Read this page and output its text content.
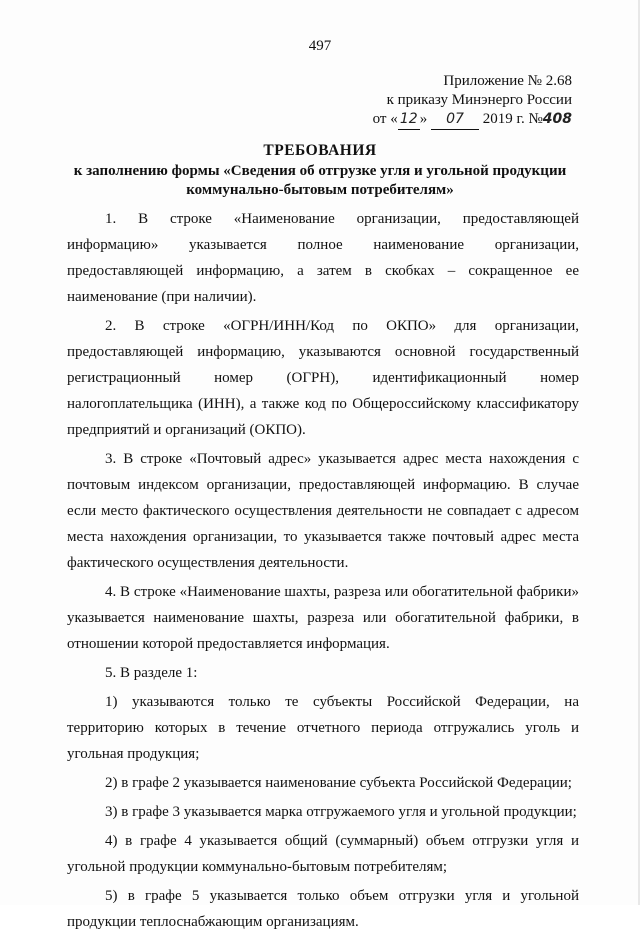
497
Приложение № 2.68
к приказу Минэнерго России
от « 12 » 07 2019 г. №408
ТРЕБОВАНИЯ
к заполнению формы «Сведения об отгрузке угля и угольной продукции коммунально-бытовым потребителям»

1. В строке «Наименование организации, предоставляющей информацию» указывается полное наименование организации, предоставляющей информацию, а затем в скобках – сокращенное ее наименование (при наличии).

2. В строке «ОГРН/ИНН/Код по ОКПО» для организации, предоставляющей информацию, указываются основной государственный регистрационный номер (ОГРН), идентификационный номер налогоплательщика (ИНН), а также код по Общероссийскому классификатору предприятий и организаций (ОКПО).

3. В строке «Почтовый адрес» указывается адрес места нахождения с почтовым индексом организации, предоставляющей информацию. В случае если место фактического осуществления деятельности не совпадает с адресом места нахождения организации, то указывается также почтовый адрес места фактического осуществления деятельности.

4. В строке «Наименование шахты, разреза или обогатительной фабрики» указывается наименование шахты, разреза или обогатительной фабрики, в отношении которой предоставляется информация.

5. В разделе 1:

1) указываются только те субъекты Российской Федерации, на территорию которых в течение отчетного периода отгружались уголь и угольная продукция;

2) в графе 2 указывается наименование субъекта Российской Федерации;

3) в графе 3 указывается марка отгружаемого угля и угольной продукции;

4) в графе 4 указывается общий (суммарный) объем отгрузки угля и угольной продукции коммунально-бытовым потребителям;

5) в графе 5 указывается только объем отгрузки угля и угольной продукции теплоснабжающим организациям.
